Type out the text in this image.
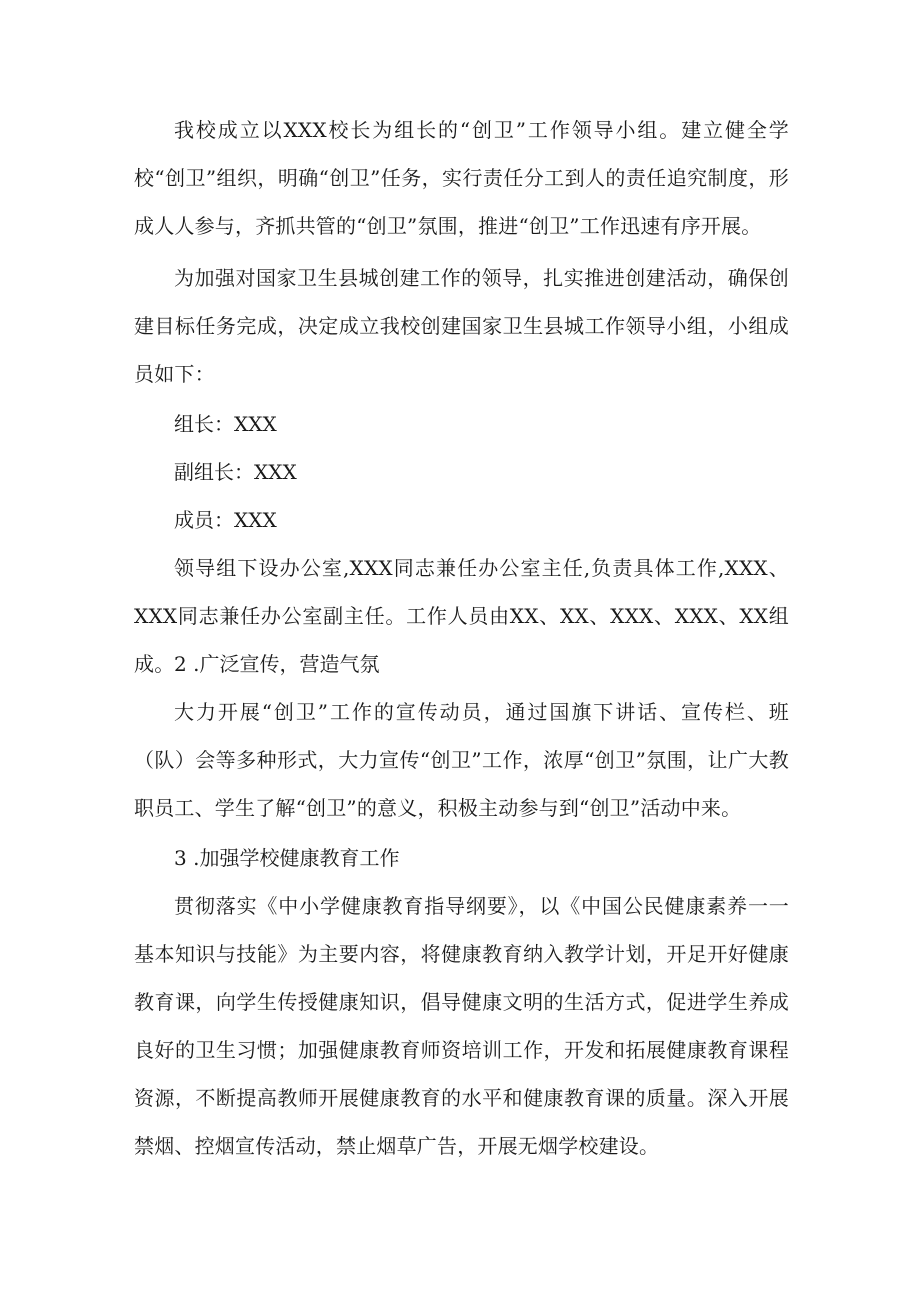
我校成立以XXX校长为组长的“创卫”工作领导小组。建立健全学校“创卫”组织，明确“创卫”任务，实行责任分工到人的责任追究制度，形成人人参与，齐抓共管的“创卫”氛围，推进“创卫”工作迅速有序开展。

为加强对国家卫生县城创建工作的领导，扎实推进创建活动，确保创建目标任务完成，决定成立我校创建国家卫生县城工作领导小组，小组成员如下：

组长：XXX

副组长：XXX

成员：XXX

领导组下设办公室,XXX同志兼任办公室主任,负责具体工作,XXX、XXX同志兼任办公室副主任。工作人员由XX、XX、XXX、XXX、XX组成。 2 .广泛宣传，营造气氛

大力开展“创卫”工作的宣传动员，通过国旗下讲话、宣传栏、班（队）会等多种形式，大力宣传“创卫”工作，浓厚“创卫”氛围，让广大教职员工、学生了解“创卫”的意义，积极主动参与到“创卫”活动中来。

3 .加强学校健康教育工作

贯彻落实《中小学健康教育指导纲要》，以《中国公民健康素养一一基本知识与技能》为主要内容，将健康教育纳入教学计划，开足开好健康教育课，向学生传授健康知识，倡导健康文明的生活方式，促进学生养成良好的卫生习惯；加强健康教育师资培训工作，开发和拓展健康教育课程资源，不断提高教师开展健康教育的水平和健康教育课的质量。深入开展禁烟、控烟宣传活动，禁止烟草广告，开展无烟学校建设。
